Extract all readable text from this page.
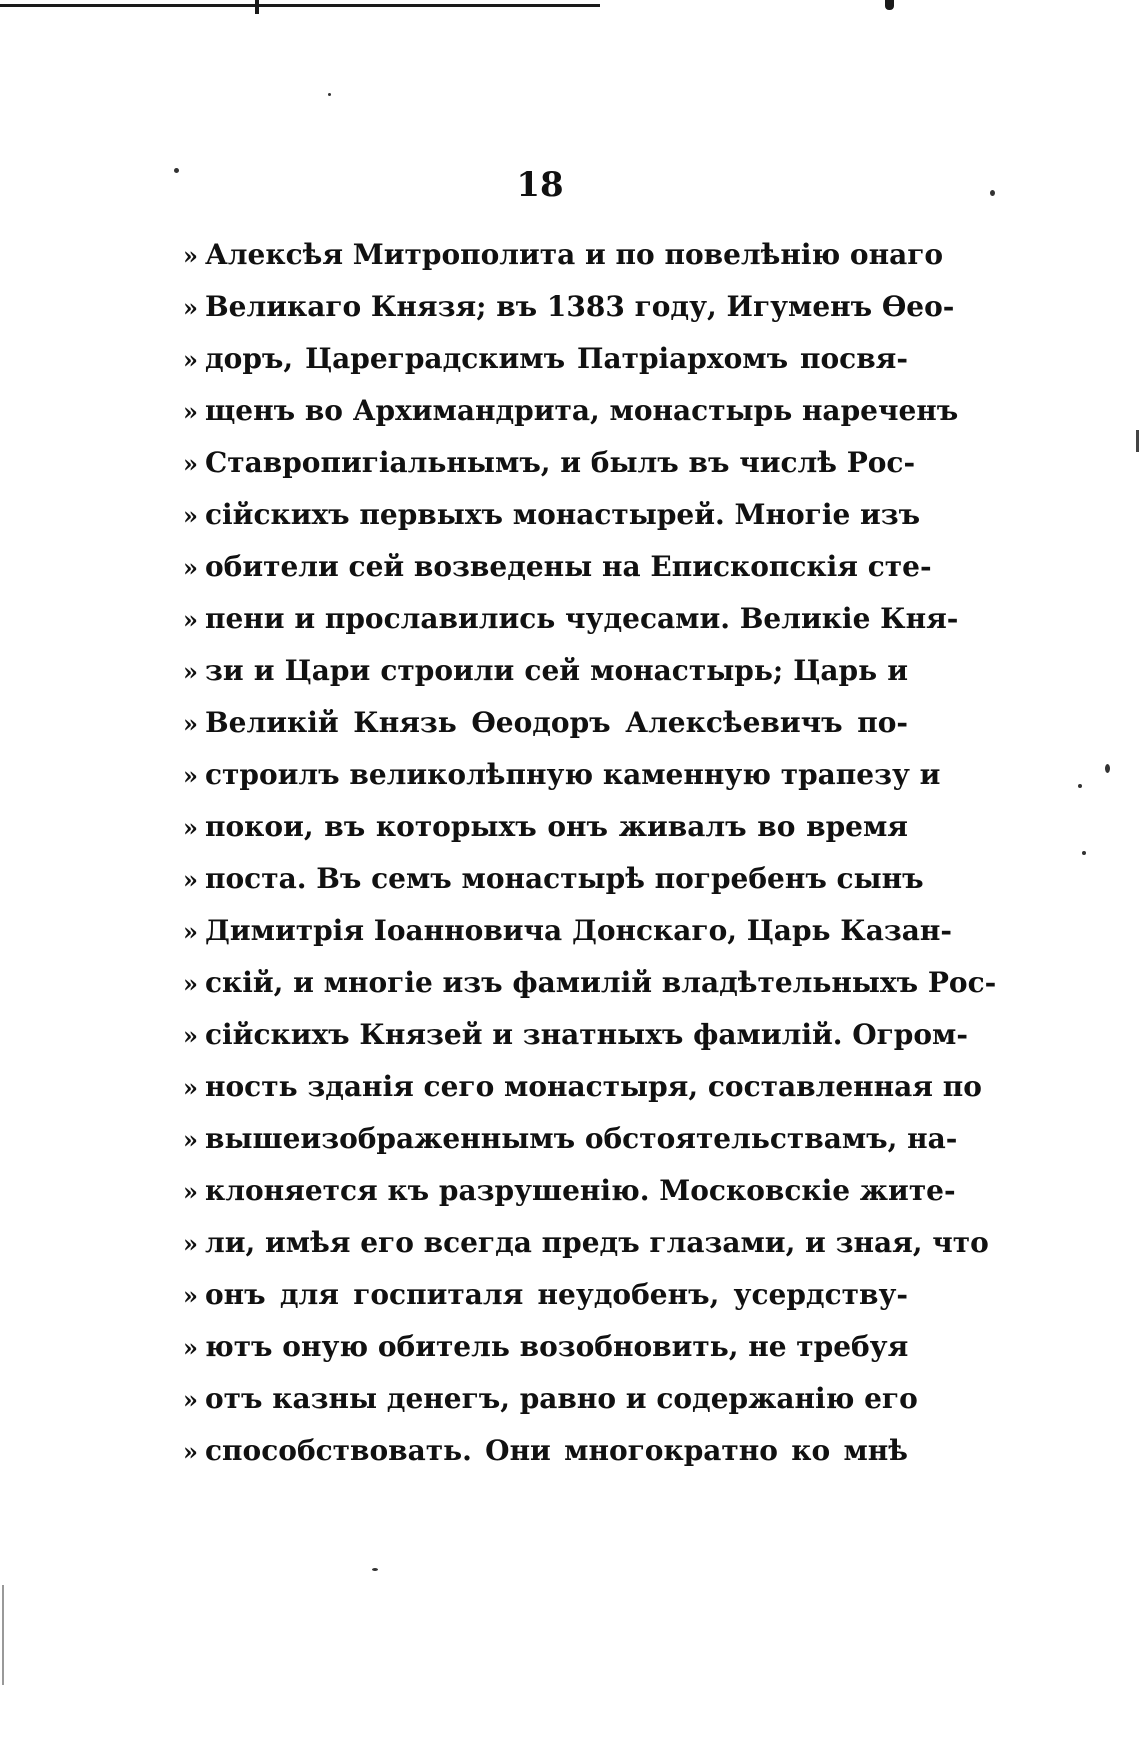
18
» Алексѣя Митрополита и по повелѣнію онаго
» Великаго Князя; въ 1383 году, Игуменъ Ѳео-
» доръ, Цареградскимъ Патріархомъ посвя-
» щенъ во Архимандрита, монастырь нареченъ
» Ставропигіальнымъ, и былъ въ числѣ Рос-
» сійскихъ первыхъ монастырей. Многіе изъ
» обители сей возведены на Епископскія сте-
» пени и прославились чудесами. Великіе Кня-
» зи и Цари строили сей монастырь; Царь и
» Великій Князь Ѳеодоръ Алексѣевичъ по-
» строилъ великолѣпную каменную трапезу и
» покои, въ которыхъ онъ живалъ во время
» поста. Въ семъ монастырѣ погребенъ сынъ
» Димитрія Іоанновича Донскаго, Царь Казан-
» скій, и многіе изъ фамилій владѣтельныхъ Рос-
» сійскихъ Князей и знатныхъ фамилій. Огром-
» ность зданія сего монастыря, составленная по
» вышеизображеннымъ обстоятельствамъ, на-
» клоняется къ разрушенію. Московскіе жите-
» ли, имѣя его всегда предъ глазами, и зная, что
» онъ для госпиталя неудобенъ, усердству-
» ютъ оную обитель возобновить, не требуя
» отъ казны денегъ, равно и содержанію его
» способствовать. Они многократно ко мнѣ
